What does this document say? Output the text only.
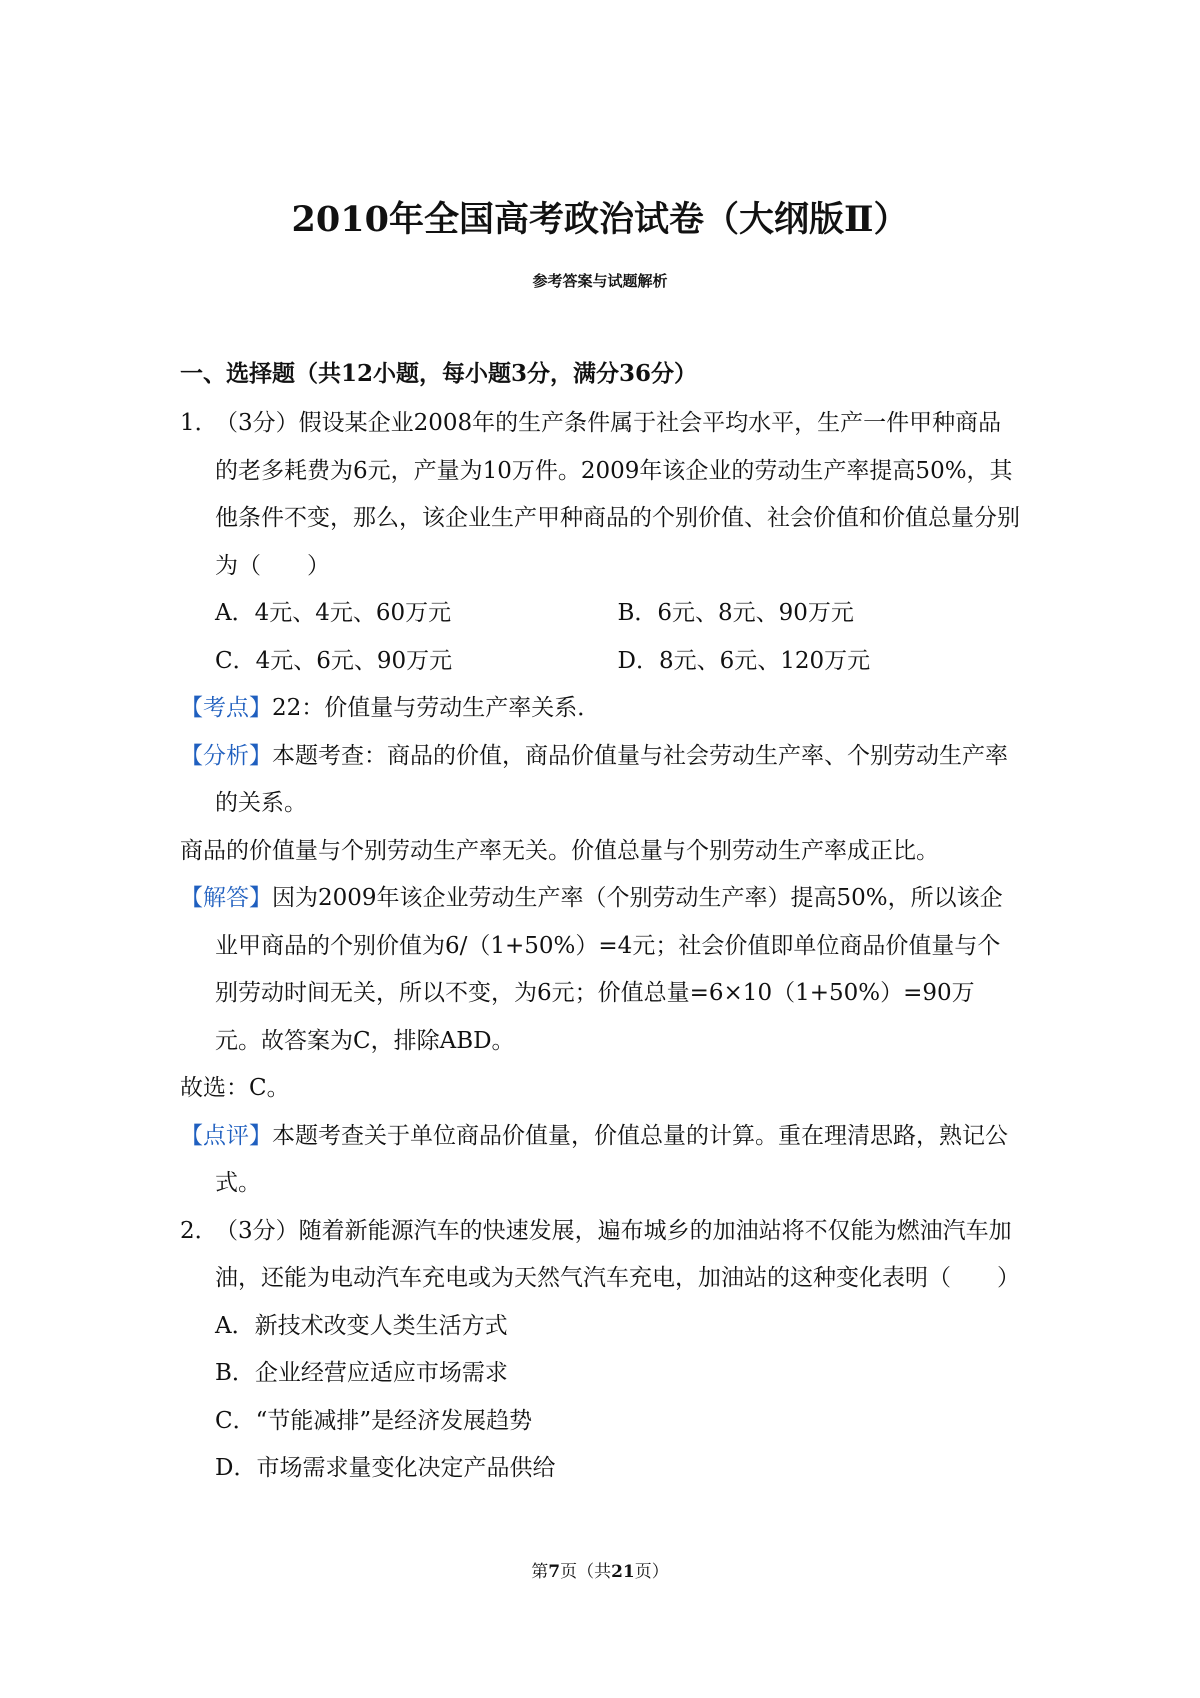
2010年全国高考政治试卷（大纲版Ⅱ）
参考答案与试题解析
一、选择题（共12小题，每小题3分，满分36分）

1．（3分）假设某企业2008年的生产条件属于社会平均水平，生产一件甲种商品的老多耗费为6元，产量为10万件。2009年该企业的劳动生产率提高50%，其他条件不变，那么，该企业生产甲种商品的个别价值、社会价值和价值总量分别为（　　）

A．4元、4元、60万元	B．6元、8元、90万元
C．4元、6元、90万元	D．8元、6元、120万元

【考点】22：价值量与劳动生产率关系．

【分析】本题考查：商品的价值，商品价值量与社会劳动生产率、个别劳动生产率的关系。

商品的价值量与个别劳动生产率无关。价值总量与个别劳动生产率成正比。

【解答】因为2009年该企业劳动生产率（个别劳动生产率）提高50%，所以该企业甲商品的个别价值为6/（1+50%）=4元；社会价值即单位商品价值量与个别劳动时间无关，所以不变，为6元；价值总量=6×10（1+50%）=90万元。故答案为C，排除ABD。

故选：C。

【点评】本题考查关于单位商品价值量，价值总量的计算。重在理清思路，熟记公式。

2．（3分）随着新能源汽车的快速发展，遍布城乡的加油站将不仅能为燃油汽车加油，还能为电动汽车充电或为天然气汽车充电，加油站的这种变化表明（　　）

A．新技术改变人类生活方式

B．企业经营应适应市场需求

C．“节能减排”是经济发展趋势

D．市场需求量变化决定产品供给

第7页（共21页）
